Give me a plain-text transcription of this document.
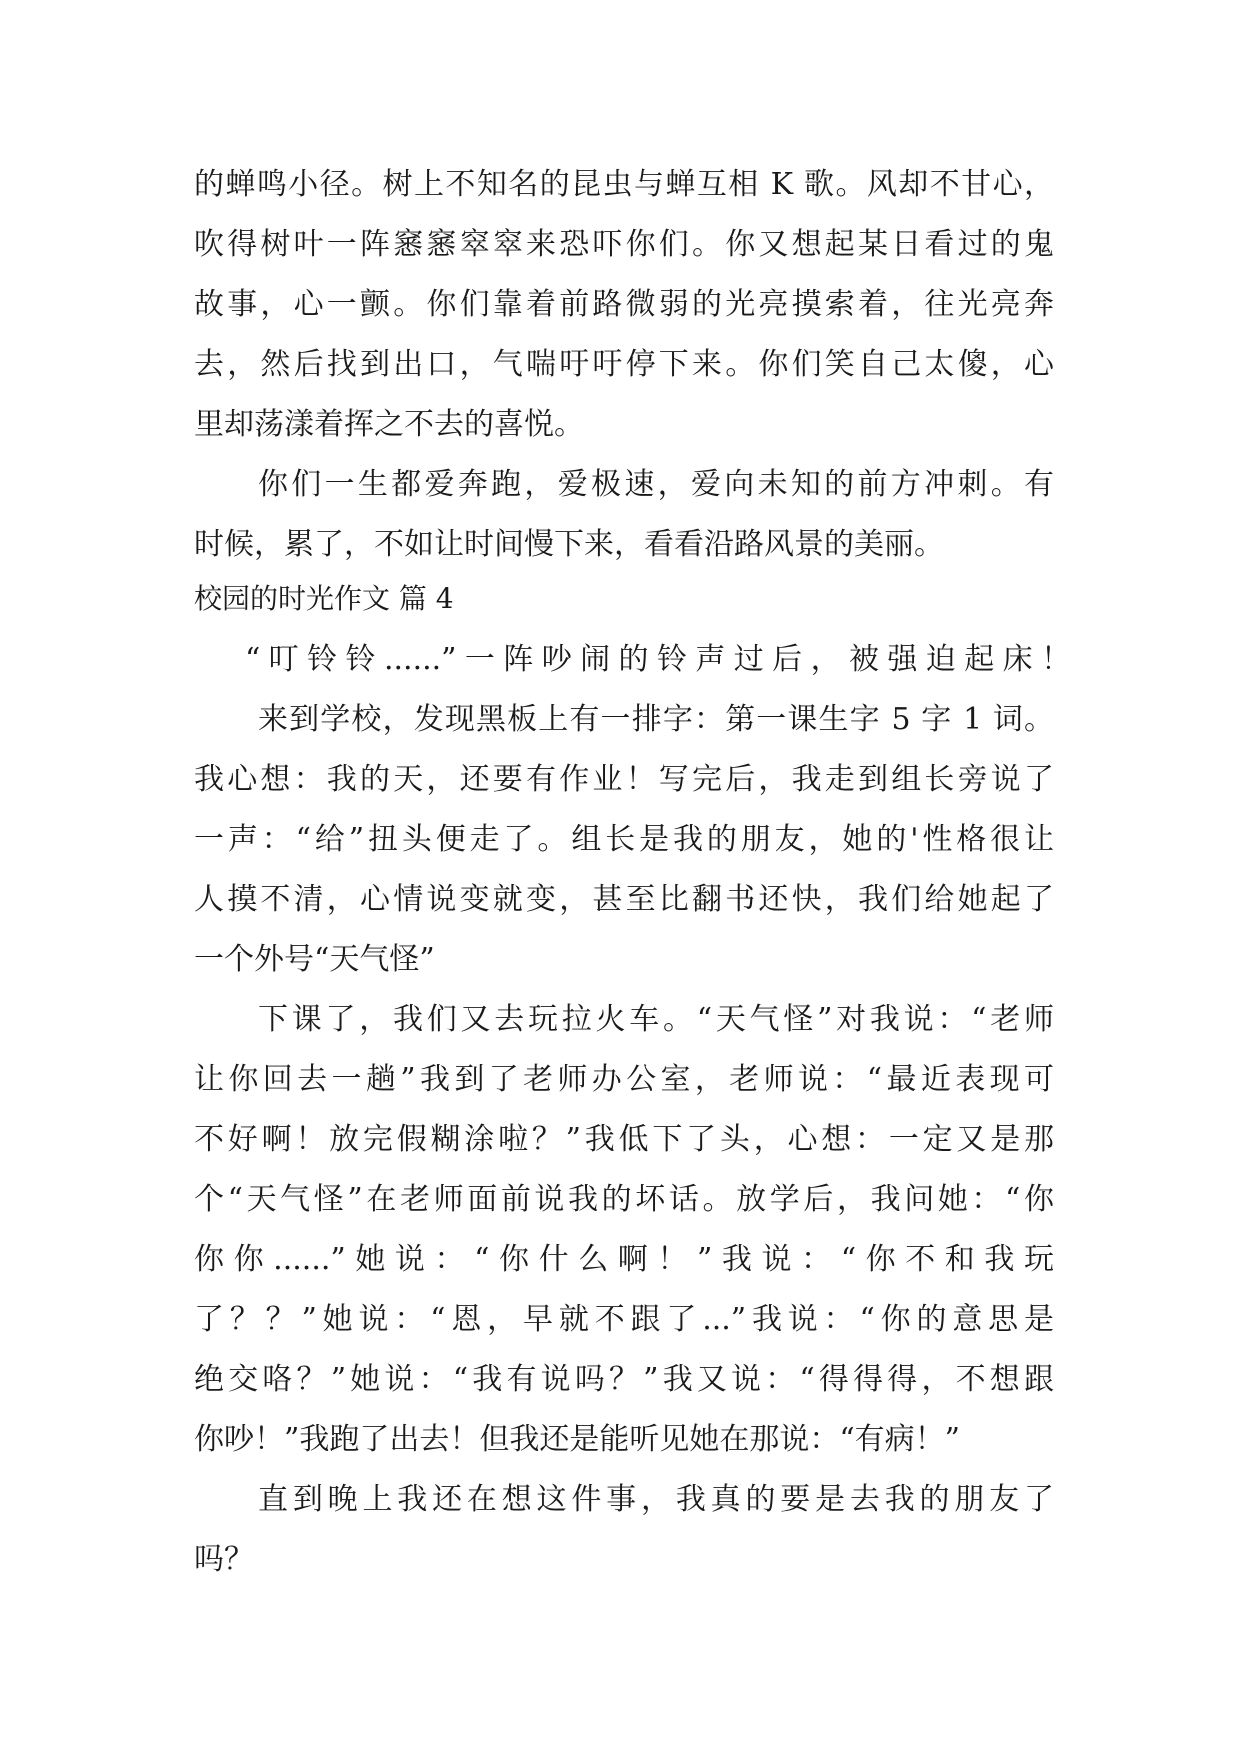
的蝉鸣小径。树上不知名的昆虫与蝉互相 K 歌。风却不甘心，
吹得树叶一阵窸窸窣窣来恐吓你们。你又想起某日看过的鬼
故事，心一颤。你们靠着前路微弱的光亮摸索着，往光亮奔
去，然后找到出口，气喘吁吁停下来。你们笑自己太傻，心
里却荡漾着挥之不去的喜悦。
你们一生都爱奔跑，爱极速，爱向未知的前方冲刺。有
时候，累了，不如让时间慢下来，看看沿路风景的美丽。
校园的时光作文 篇 4
“叮铃铃......”一阵吵闹的铃声过后，被强迫起床！
来到学校，发现黑板上有一排字：第一课生字 5 字 1 词。
我心想：我的天，还要有作业！写完后，我走到组长旁说了
一声：“给”扭头便走了。组长是我的朋友，她的'性格很让
人摸不清，心情说变就变，甚至比翻书还快，我们给她起了
一个外号“天气怪”
下课了，我们又去玩拉火车。“天气怪”对我说：“老师
让你回去一趟”我到了老师办公室，老师说：“最近表现可
不好啊！放完假糊涂啦？”我低下了头，心想：一定又是那
个“天气怪”在老师面前说我的坏话。放学后，我问她：“你
你你......”她说：“你什么啊！”我说：“你不和我玩
了？？”她说：“恩，早就不跟了...”我说：“你的意思是
绝交咯？”她说：“我有说吗？”我又说：“得得得，不想跟
你吵！”我跑了出去！但我还是能听见她在那说：“有病！”
直到晚上我还在想这件事，我真的要是去我的朋友了
吗？
